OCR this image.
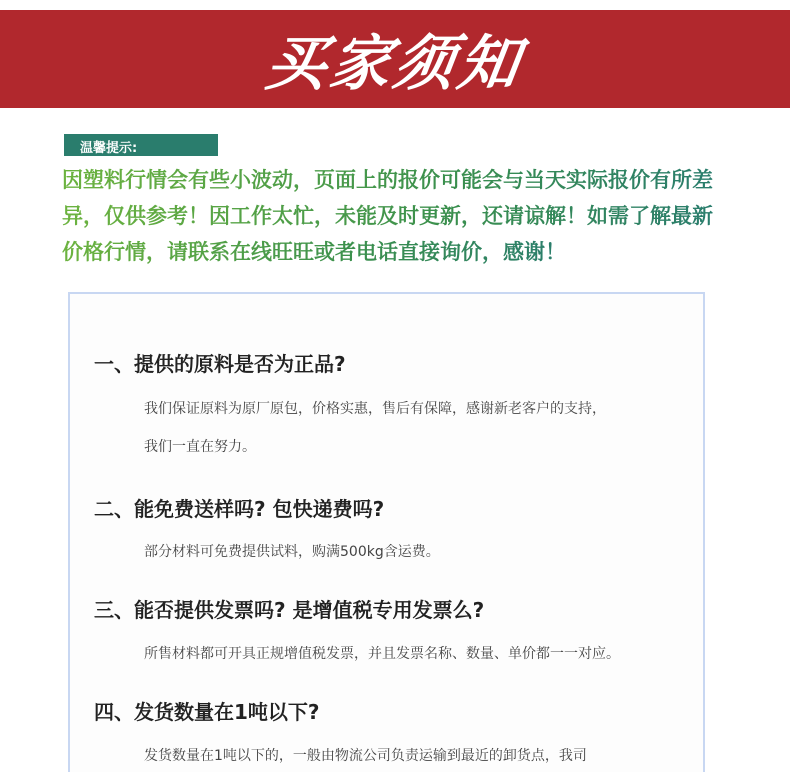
买家须知
温馨提示:
因塑料行情会有些小波动，页面上的报价可能会与当天实际报价有所差
异，仅供参考！因工作太忙，未能及时更新，还请谅解！如需了解最新
价格行情，请联系在线旺旺或者电话直接询价，感谢！
一、提供的原料是否为正品?
我们保证原料为原厂原包，价格实惠，售后有保障，感谢新老客户的支持，
我们一直在努力。
二、能免费送样吗? 包快递费吗?
部分材料可免费提供试料，购满500kg含运费。
三、能否提供发票吗? 是增值税专用发票么?
所售材料都可开具正规增值税发票，并且发票名称、数量、单价都一一对应。
四、发货数量在1吨以下?
发货数量在1吨以下的，一般由物流公司负责运输到最近的卸货点，我司
